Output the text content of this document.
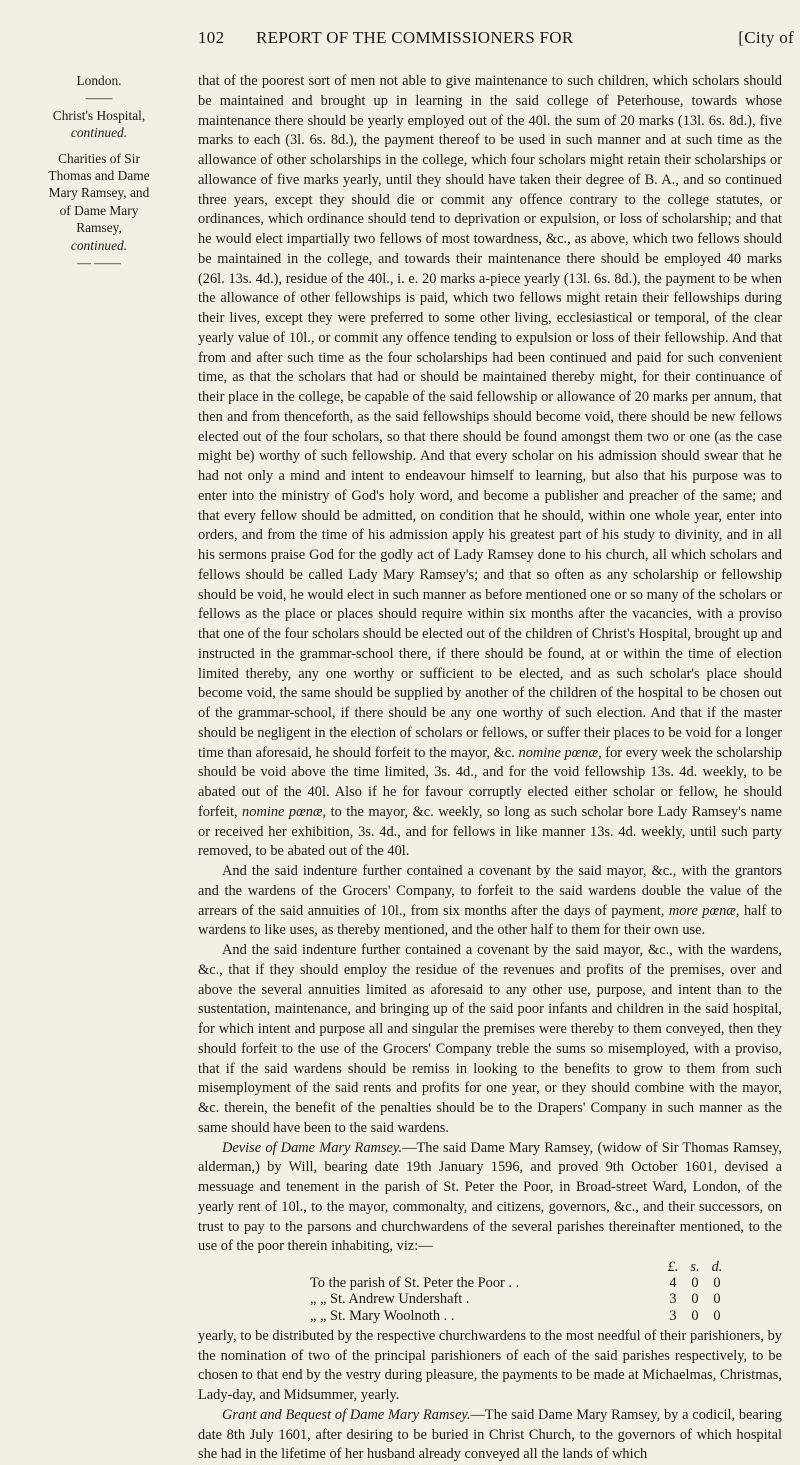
102 REPORT OF THE COMMISSIONERS FOR	[City of
London.
——
Christ's Hospital,
continued.
Charities of Sir
Thomas and Dame
Mary Ramsey, and
of Dame Mary
Ramsey,
continued.
— ——

that of the poorest sort of men not able to give maintenance to such children, which scholars should be maintained and brought up in learning in the said college of Peterhouse, towards whose maintenance there should be yearly employed out of the 40l. the sum of 20 marks (13l. 6s. 8d.), five marks to each (3l. 6s. 8d.), the payment thereof to be used in such manner and at such time as the allowance of other scholarships in the college, which four scholars might retain their scholarships or allowance of five marks yearly, until they should have taken their degree of B. A., and so continued three years, except they should die or commit any offence contrary to the college statutes, or ordinances, which ordinance should tend to deprivation or expulsion, or loss of scholarship; and that he would elect impartially two fellows of most towardness, &c., as above, which two fellows should be maintained in the college, and towards their maintenance there should be employed 40 marks (26l. 13s. 4d.), residue of the 40l., i. e. 20 marks a-piece yearly (13l. 6s. 8d.), the payment to be when the allowance of other fellowships is paid, which two fellows might retain their fellowships during their lives, except they were preferred to some other living, ecclesiastical or temporal, of the clear yearly value of 10l., or commit any offence tending to expulsion or loss of their fellowship. And that from and after such time as the four scholarships had been continued and paid for such convenient time, as that the scholars that had or should be maintained thereby might, for their continuance of their place in the college, be capable of the said fellowship or allowance of 20 marks per annum, that then and from thenceforth, as the said fellowships should become void, there should be new fellows elected out of the four scholars, so that there should be found amongst them two or one (as the case might be) worthy of such fellowship. And that every scholar on his admission should swear that he had not only a mind and intent to endeavour himself to learning, but also that his purpose was to enter into the ministry of God's holy word, and become a publisher and preacher of the same; and that every fellow should be admitted, on condition that he should, within one whole year, enter into orders, and from the time of his admission apply his greatest part of his study to divinity, and in all his sermons praise God for the godly act of Lady Ramsey done to his church, all which scholars and fellows should be called Lady Mary Ramsey's; and that so often as any scholarship or fellowship should be void, he would elect in such manner as before mentioned one or so many of the scholars or fellows as the place or places should require within six months after the vacancies, with a proviso that one of the four scholars should be elected out of the children of Christ's Hospital, brought up and instructed in the grammar-school there, if there should be found, at or within the time of election limited thereby, any one worthy or sufficient to be elected, and as such scholar's place should become void, the same should be supplied by another of the children of the hospital to be chosen out of the grammar-school, if there should be any one worthy of such election. And that if the master should be negligent in the election of scholars or fellows, or suffer their places to be void for a longer time than aforesaid, he should forfeit to the mayor, &c. nomine pœnæ, for every week the scholarship should be void above the time limited, 3s. 4d., and for the void fellowship 13s. 4d. weekly, to be abated out of the 40l. Also if he for favour corruptly elected either scholar or fellow, he should forfeit, nomine pœnæ, to the mayor, &c. weekly, so long as such scholar bore Lady Ramsey's name or received her exhibition, 3s. 4d., and for fellows in like manner 13s. 4d. weekly, until such party removed, to be abated out of the 40l.

And the said indenture further contained a covenant by the said mayor, &c., with the grantors and the wardens of the Grocers' Company, to forfeit to the said wardens double the value of the arrears of the said annuities of 10l., from six months after the days of payment, more pœnæ, half to wardens to like uses, as thereby mentioned, and the other half to them for their own use.

And the said indenture further contained a covenant by the said mayor, &c., with the wardens, &c., that if they should employ the residue of the revenues and profits of the premises, over and above the several annuities limited as aforesaid to any other use, purpose, and intent than to the sustentation, maintenance, and bringing up of the said poor infants and children in the said hospital, for which intent and purpose all and singular the premises were thereby to them conveyed, then they should forfeit to the use of the Grocers' Company treble the sums so misemployed, with a proviso, that if the said wardens should be remiss in looking to the benefits to grow to them from such misemployment of the said rents and profits for one year, or they should combine with the mayor, &c. therein, the benefit of the penalties should be to the Drapers' Company in such manner as the same should have been to the said wardens.

Devise of Dame Mary Ramsey.—The said Dame Mary Ramsey, (widow of Sir Thomas Ramsey, alderman,) by Will, bearing date 19th January 1596, and proved 9th October 1601, devised a messuage and tenement in the parish of St. Peter the Poor, in Broad-street Ward, London, of the yearly rent of 10l., to the mayor, commonalty, and citizens, governors, &c., and their successors, on trust to pay to the parsons and churchwardens of the several parishes thereinafter mentioned, to the use of the poor therein inhabiting, viz:—

	£.	s.	d.
To the parish of St. Peter the Poor . .	4	0	0
„ „ St. Andrew Undershaft .	3	0	0
„ „ St. Mary Woolnoth . .	3	0	0

yearly, to be distributed by the respective churchwardens to the most needful of their parishioners, by the nomination of two of the principal parishioners of each of the said parishes respectively, to be chosen to that end by the vestry during pleasure, the payments to be made at Michaelmas, Christmas, Lady-day, and Midsummer, yearly.

Grant and Bequest of Dame Mary Ramsey.—The said Dame Mary Ramsey, by a codicil, bearing date 8th July 1601, after desiring to be buried in Christ Church, to the governors of which hospital she had in the lifetime of her husband already conveyed all the lands of which
